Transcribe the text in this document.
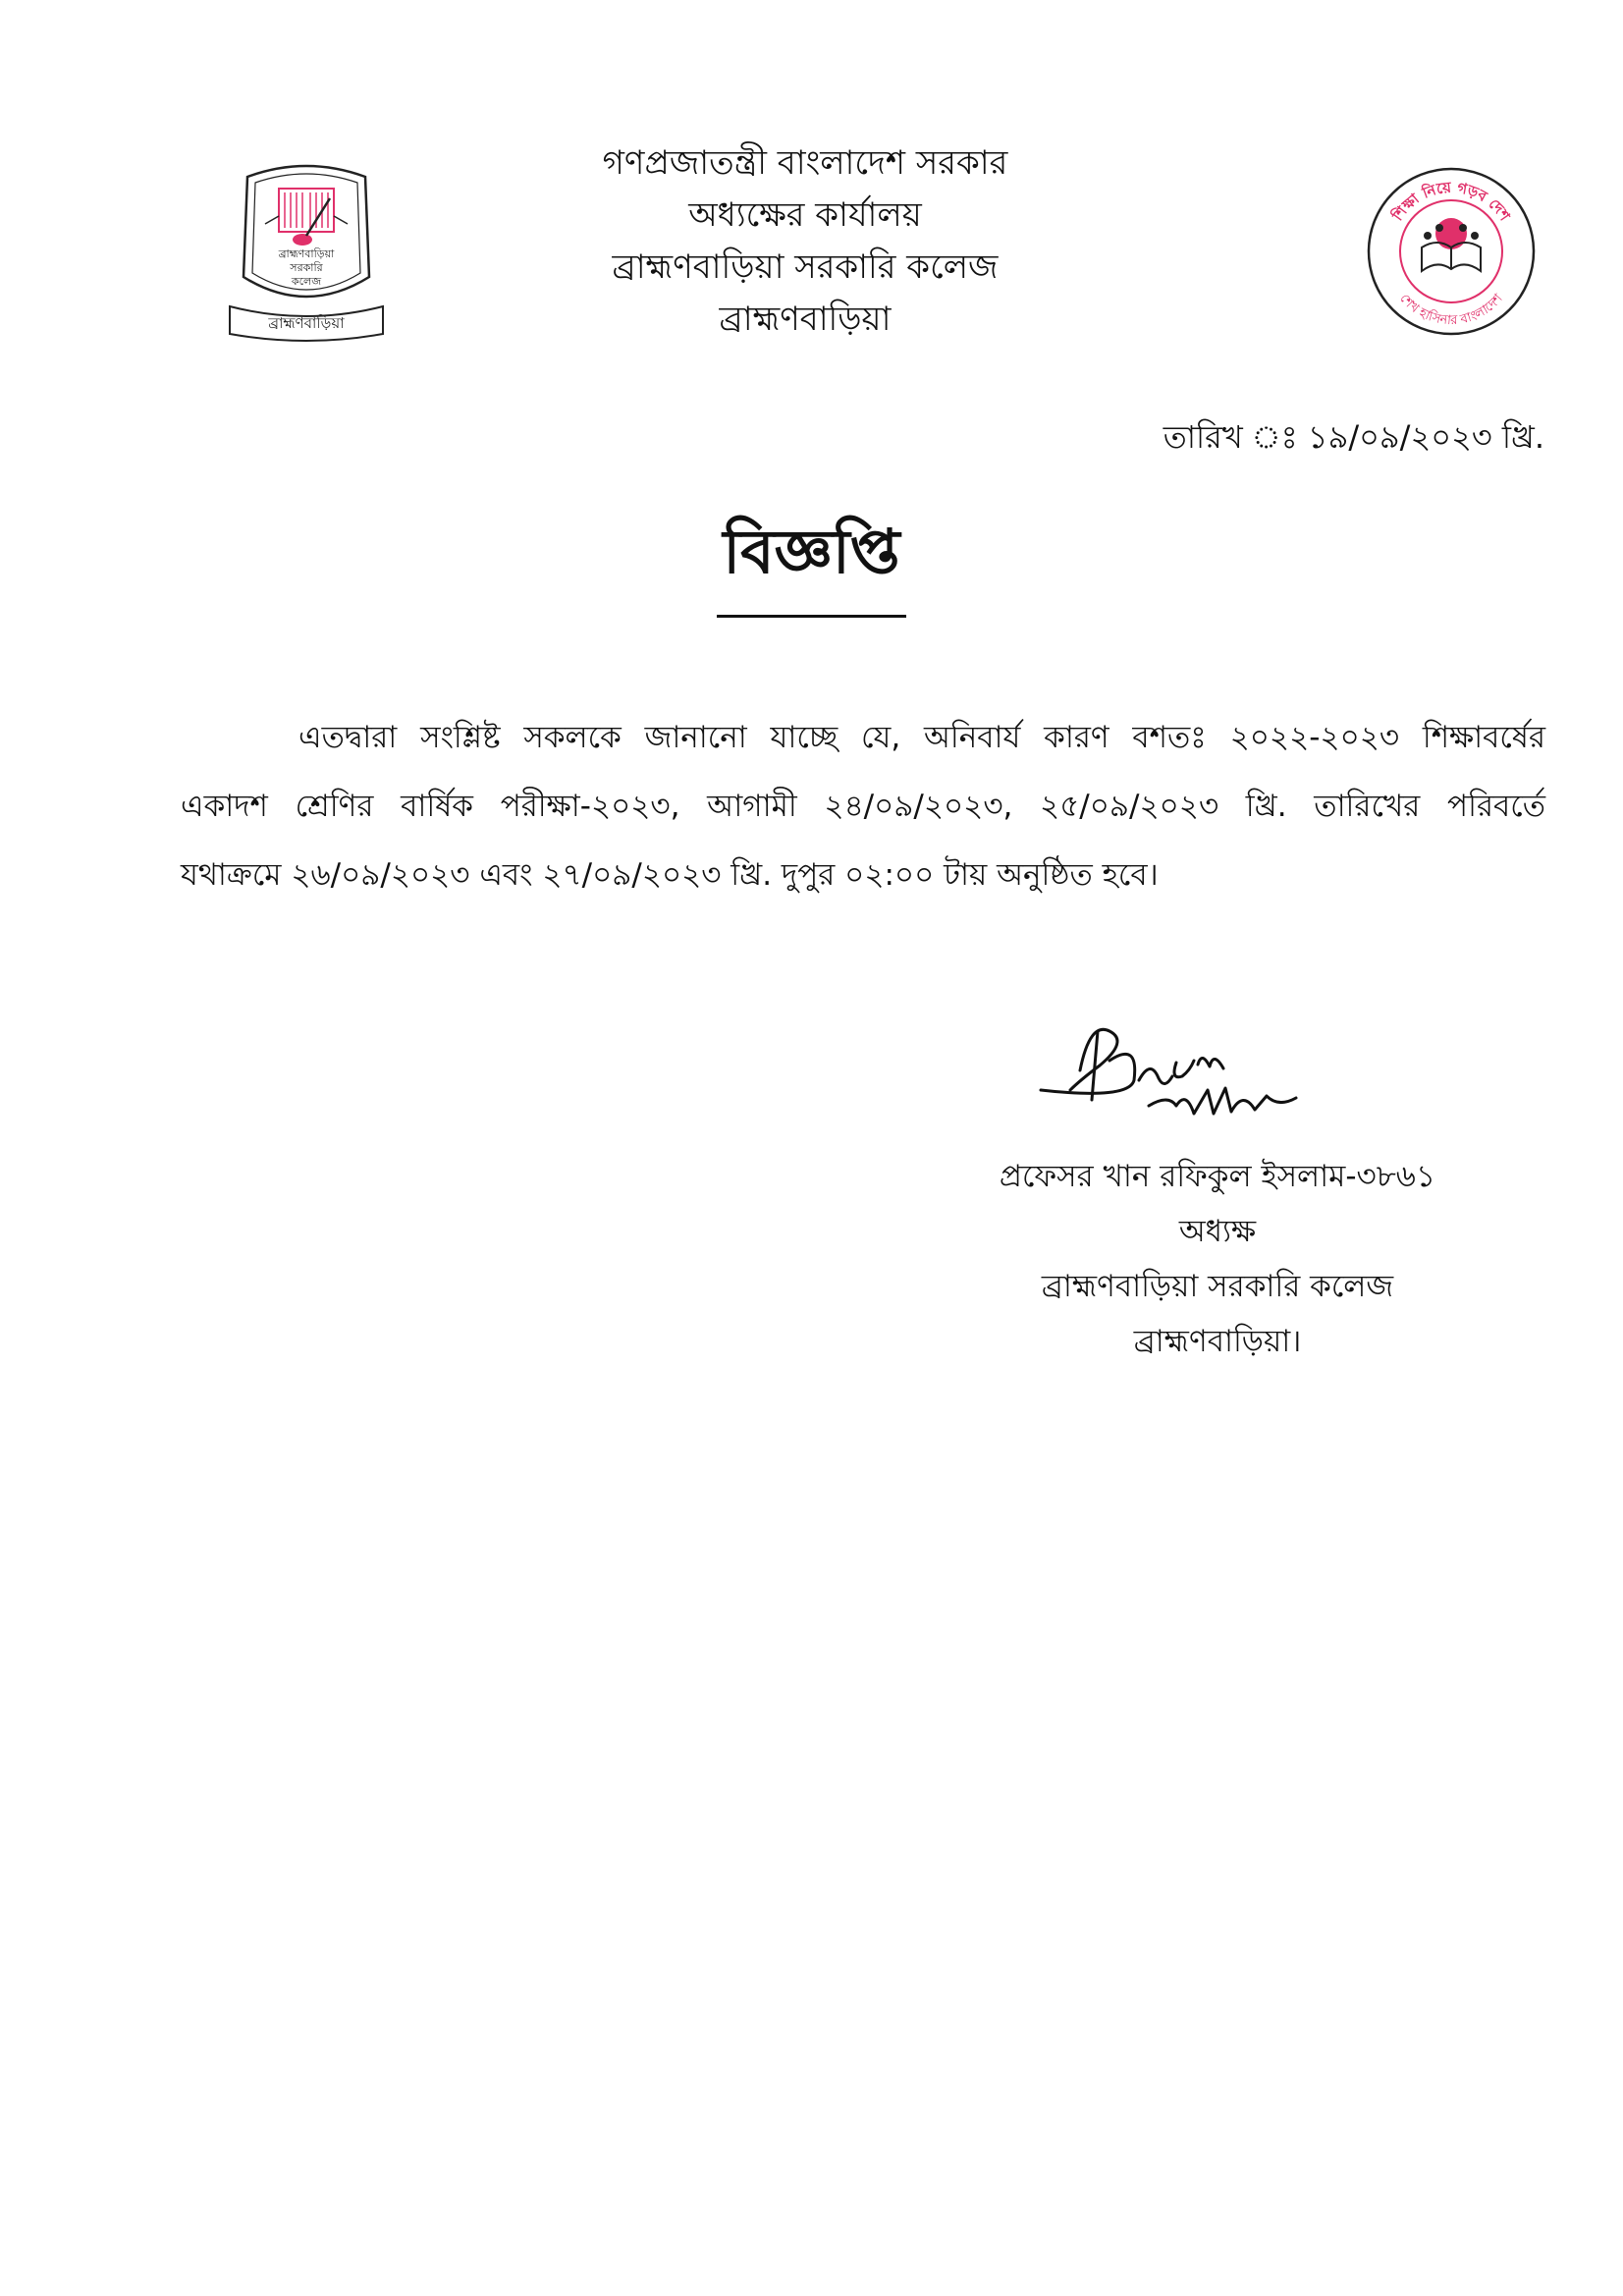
ব্রাহ্মণবাড়িয়া
সরকারি
কলেজ
ব্রাহ্মণবাড়িয়া
গণপ্রজাতন্ত্রী বাংলাদেশ সরকার
অধ্যক্ষের কার্যালয়
ব্রাহ্মণবাড়িয়া সরকারি কলেজ
ব্রাহ্মণবাড়িয়া
শিক্ষা নিয়ে গড়ব দেশ
শেখ হাসিনার বাংলাদেশ
তারিখ ঃ ১৯/০৯/২০২৩ খ্রি.
বিজ্ঞপ্তি
এতদ্বারা সংশ্লিষ্ট সকলকে জানানো যাচ্ছে যে, অনিবার্য কারণ বশতঃ ২০২২-২০২৩ শিক্ষাবর্ষের
একাদশ শ্রেণির বার্ষিক পরীক্ষা-২০২৩, আগামী ২৪/০৯/২০২৩, ২৫/০৯/২০২৩ খ্রি. তারিখের পরিবর্তে
যথাক্রমে ২৬/০৯/২০২৩ এবং ২৭/০৯/২০২৩ খ্রি. দুপুর ০২:০০ টায় অনুষ্ঠিত হবে।
প্রফেসর খান রফিকুল ইসলাম-৩৮৬১
অধ্যক্ষ
ব্রাহ্মণবাড়িয়া সরকারি কলেজ
ব্রাহ্মণবাড়িয়া।
